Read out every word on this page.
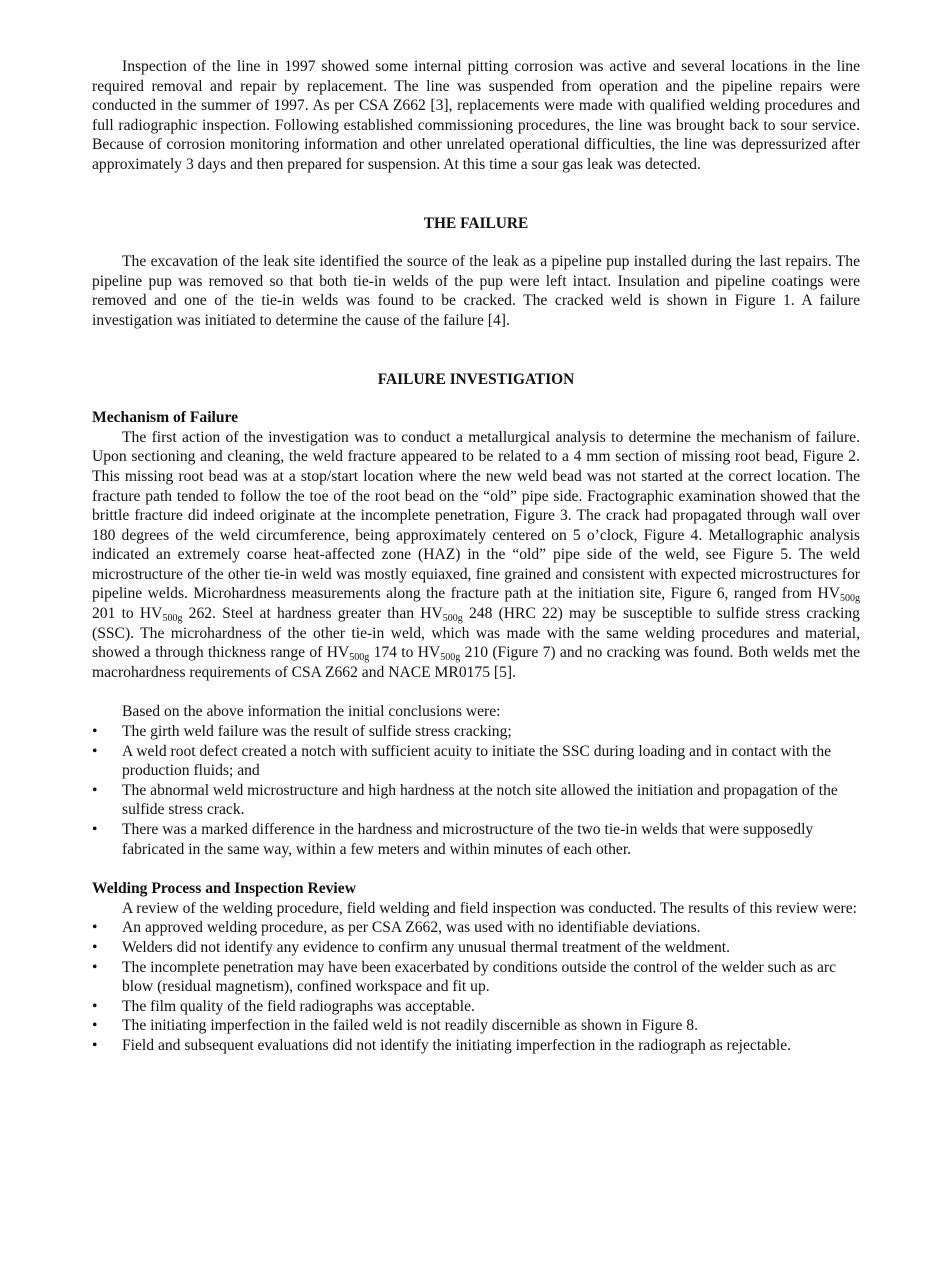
Inspection of the line in 1997 showed some internal pitting corrosion was active and several locations in the line required removal and repair by replacement. The line was suspended from operation and the pipeline repairs were conducted in the summer of 1997. As per CSA Z662 [3], replacements were made with qualified welding procedures and full radiographic inspection. Following established commissioning procedures, the line was brought back to sour service. Because of corrosion monitoring information and other unrelated operational difficulties, the line was depressurized after approximately 3 days and then prepared for suspension. At this time a sour gas leak was detected.

THE FAILURE

The excavation of the leak site identified the source of the leak as a pipeline pup installed during the last repairs. The pipeline pup was removed so that both tie-in welds of the pup were left intact. Insulation and pipeline coatings were removed and one of the tie-in welds was found to be cracked. The cracked weld is shown in Figure 1. A failure investigation was initiated to determine the cause of the failure [4].

FAILURE INVESTIGATION
Mechanism of Failure

The first action of the investigation was to conduct a metallurgical analysis to determine the mechanism of failure. Upon sectioning and cleaning, the weld fracture appeared to be related to a 4 mm section of missing root bead, Figure 2. This missing root bead was at a stop/start location where the new weld bead was not started at the correct location. The fracture path tended to follow the toe of the root bead on the “old” pipe side. Fractographic examination showed that the brittle fracture did indeed originate at the incomplete penetration, Figure 3. The crack had propagated through wall over 180 degrees of the weld circumference, being approximately centered on 5 o’clock, Figure 4. Metallographic analysis indicated an extremely coarse heat-affected zone (HAZ) in the “old” pipe side of the weld, see Figure 5. The weld microstructure of the other tie-in weld was mostly equiaxed, fine grained and consistent with expected microstructures for pipeline welds. Microhardness measurements along the fracture path at the initiation site, Figure 6, ranged from $HV_{500g}$ 201 to $HV_{500g}$ 262. Steel at hardness greater than $HV_{500g}$ 248 (HRC 22) may be susceptible to sulfide stress cracking (SSC). The microhardness of the other tie-in weld, which was made with the same welding procedures and material, showed a through thickness range of $HV_{500g}$ 174 to $HV_{500g}$ 210 (Figure 7) and no cracking was found. Both welds met the macrohardness requirements of CSA Z662 and NACE MR0175 [5].

Based on the above information the initial conclusions were:

• The girth weld failure was the result of sulfide stress cracking;
• A weld root defect created a notch with sufficient acuity to initiate the SSC during loading and in contact with the production fluids; and
• The abnormal weld microstructure and high hardness at the notch site allowed the initiation and propagation of the sulfide stress crack.
• There was a marked difference in the hardness and microstructure of the two tie-in welds that were supposedly fabricated in the same way, within a few meters and within minutes of each other.
Welding Process and Inspection Review

A review of the welding procedure, field welding and field inspection was conducted. The results of this review were:

• An approved welding procedure, as per CSA Z662, was used with no identifiable deviations.
• Welders did not identify any evidence to confirm any unusual thermal treatment of the weldment.
• The incomplete penetration may have been exacerbated by conditions outside the control of the welder such as arc blow (residual magnetism), confined workspace and fit up.
• The film quality of the field radiographs was acceptable.
• The initiating imperfection in the failed weld is not readily discernible as shown in Figure 8.
• Field and subsequent evaluations did not identify the initiating imperfection in the radiograph as rejectable.
